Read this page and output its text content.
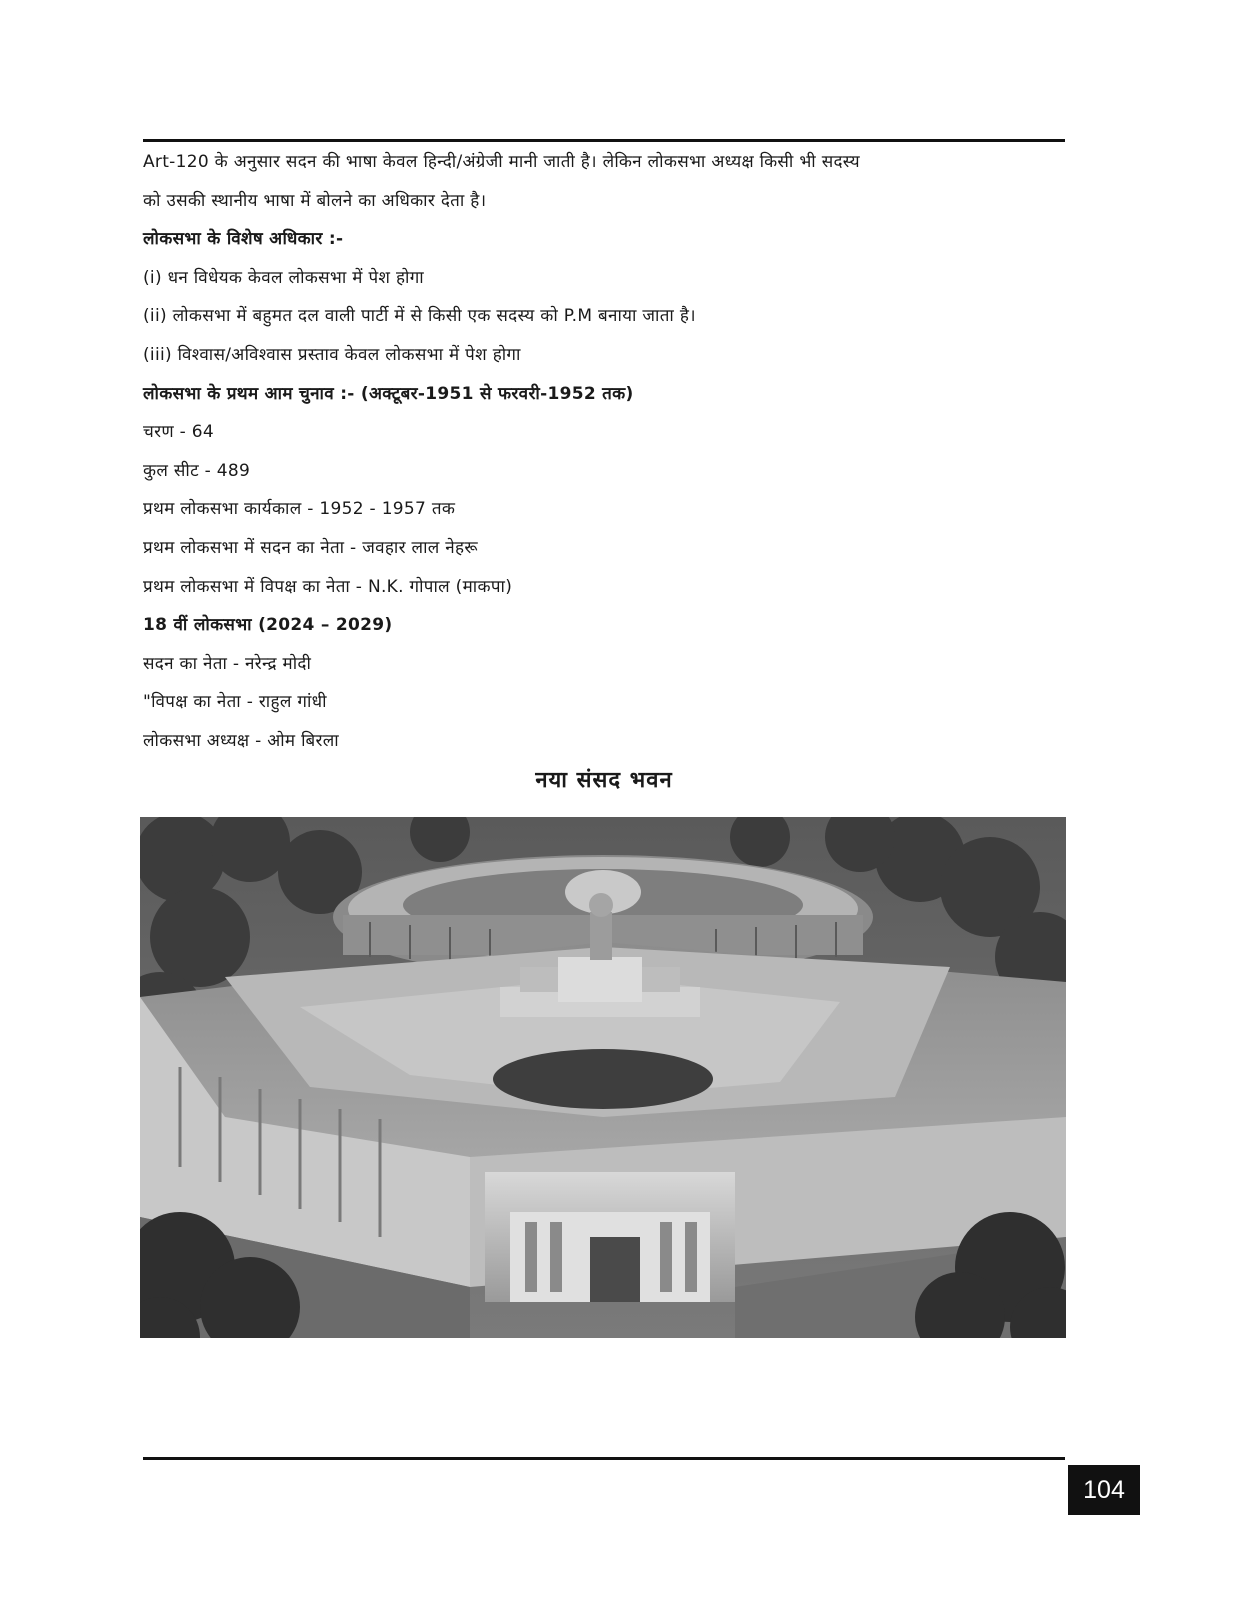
Art-120 के अनुसार सदन की भाषा केवल हिन्दी/अंग्रेजी मानी जाती है। लेकिन लोकसभा अध्यक्ष किसी भी सदस्य
को उसकी स्थानीय भाषा में बोलने का अधिकार देता है।
लोकसभा के विशेष अधिकार :-
(i) धन विधेयक केवल लोकसभा में पेश होगा
(ii) लोकसभा में बहुमत दल वाली पार्टी में से किसी एक सदस्य को P.M बनाया जाता है।
(iii) विश्वास/अविश्वास प्रस्ताव केवल लोकसभा में पेश होगा
लोकसभा के प्रथम आम चुनाव :- (अक्टूबर-1951 से फरवरी-1952 तक)
चरण - 64
कुल सीट - 489
प्रथम लोकसभा कार्यकाल - 1952 - 1957 तक
प्रथम लोकसभा में सदन का नेता - जवहार लाल नेहरू
प्रथम लोकसभा में विपक्ष का नेता - N.K. गोपाल (माकपा)
18 वीं लोकसभा (2024 – 2029)
सदन का नेता - नरेन्द्र मोदी
"विपक्ष का नेता - राहुल गांधी
लोकसभा अध्यक्ष - ओम बिरला
नया संसद भवन
104
